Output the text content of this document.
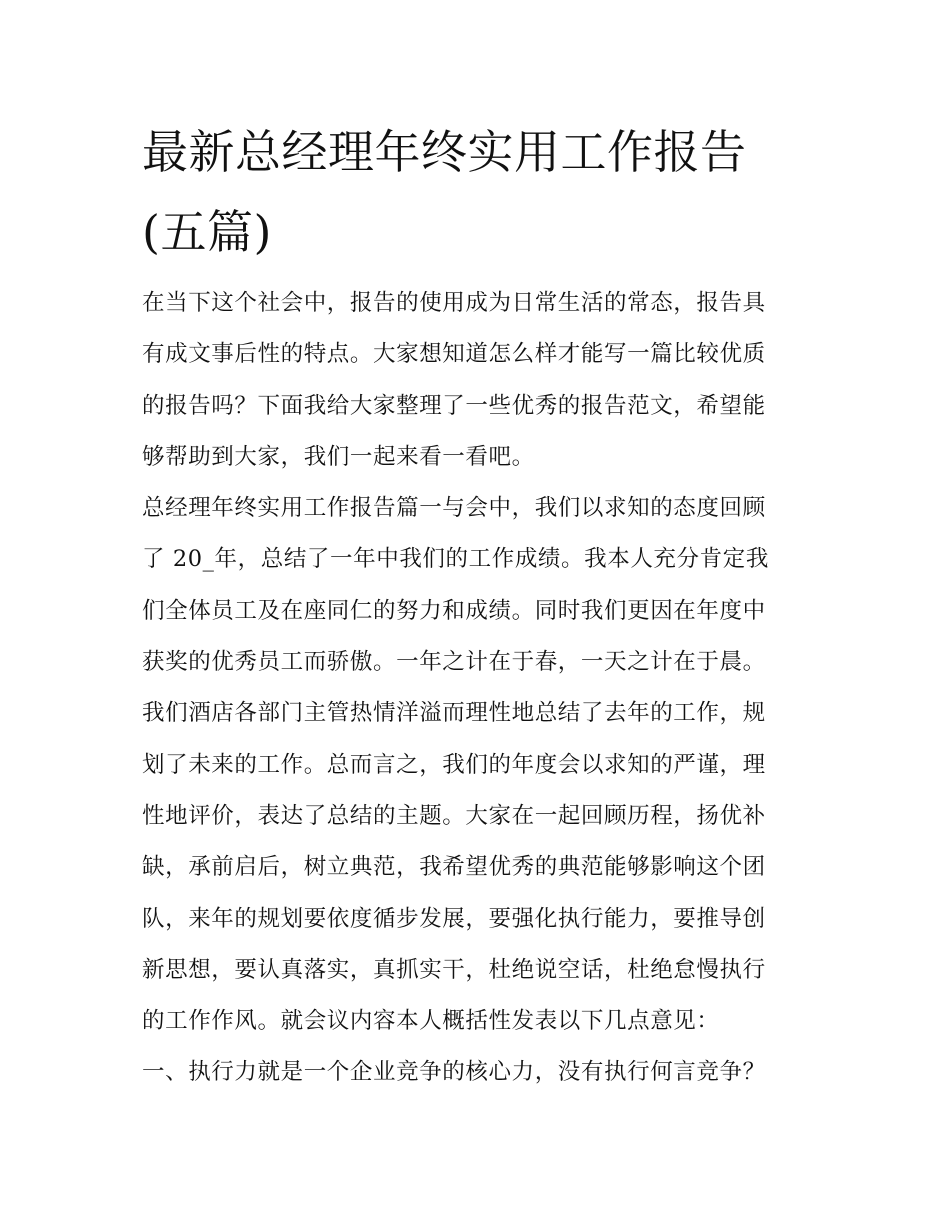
最新总经理年终实用工作报告
(五篇)

在当下这个社会中，报告的使用成为日常生活的常态，报告具
有成文事后性的特点。大家想知道怎么样才能写一篇比较优质
的报告吗？下面我给大家整理了一些优秀的报告范文，希望能
够帮助到大家，我们一起来看一看吧。

总经理年终实用工作报告篇一与会中，我们以求知的态度回顾
了 20_年，总结了一年中我们的工作成绩。我本人充分肯定我
们全体员工及在座同仁的努力和成绩。同时我们更因在年度中
获奖的优秀员工而骄傲。一年之计在于春，一天之计在于晨。
我们酒店各部门主管热情洋溢而理性地总结了去年的工作，规
划了未来的工作。总而言之，我们的年度会以求知的严谨，理
性地评价，表达了总结的主题。大家在一起回顾历程，扬优补
缺，承前启后，树立典范，我希望优秀的典范能够影响这个团
队，来年的规划要依度循步发展，要强化执行能力，要推导创
新思想，要认真落实，真抓实干，杜绝说空话，杜绝怠慢执行
的工作作风。就会议内容本人概括性发表以下几点意见：

一、执行力就是一个企业竞争的核心力，没有执行何言竞争？
